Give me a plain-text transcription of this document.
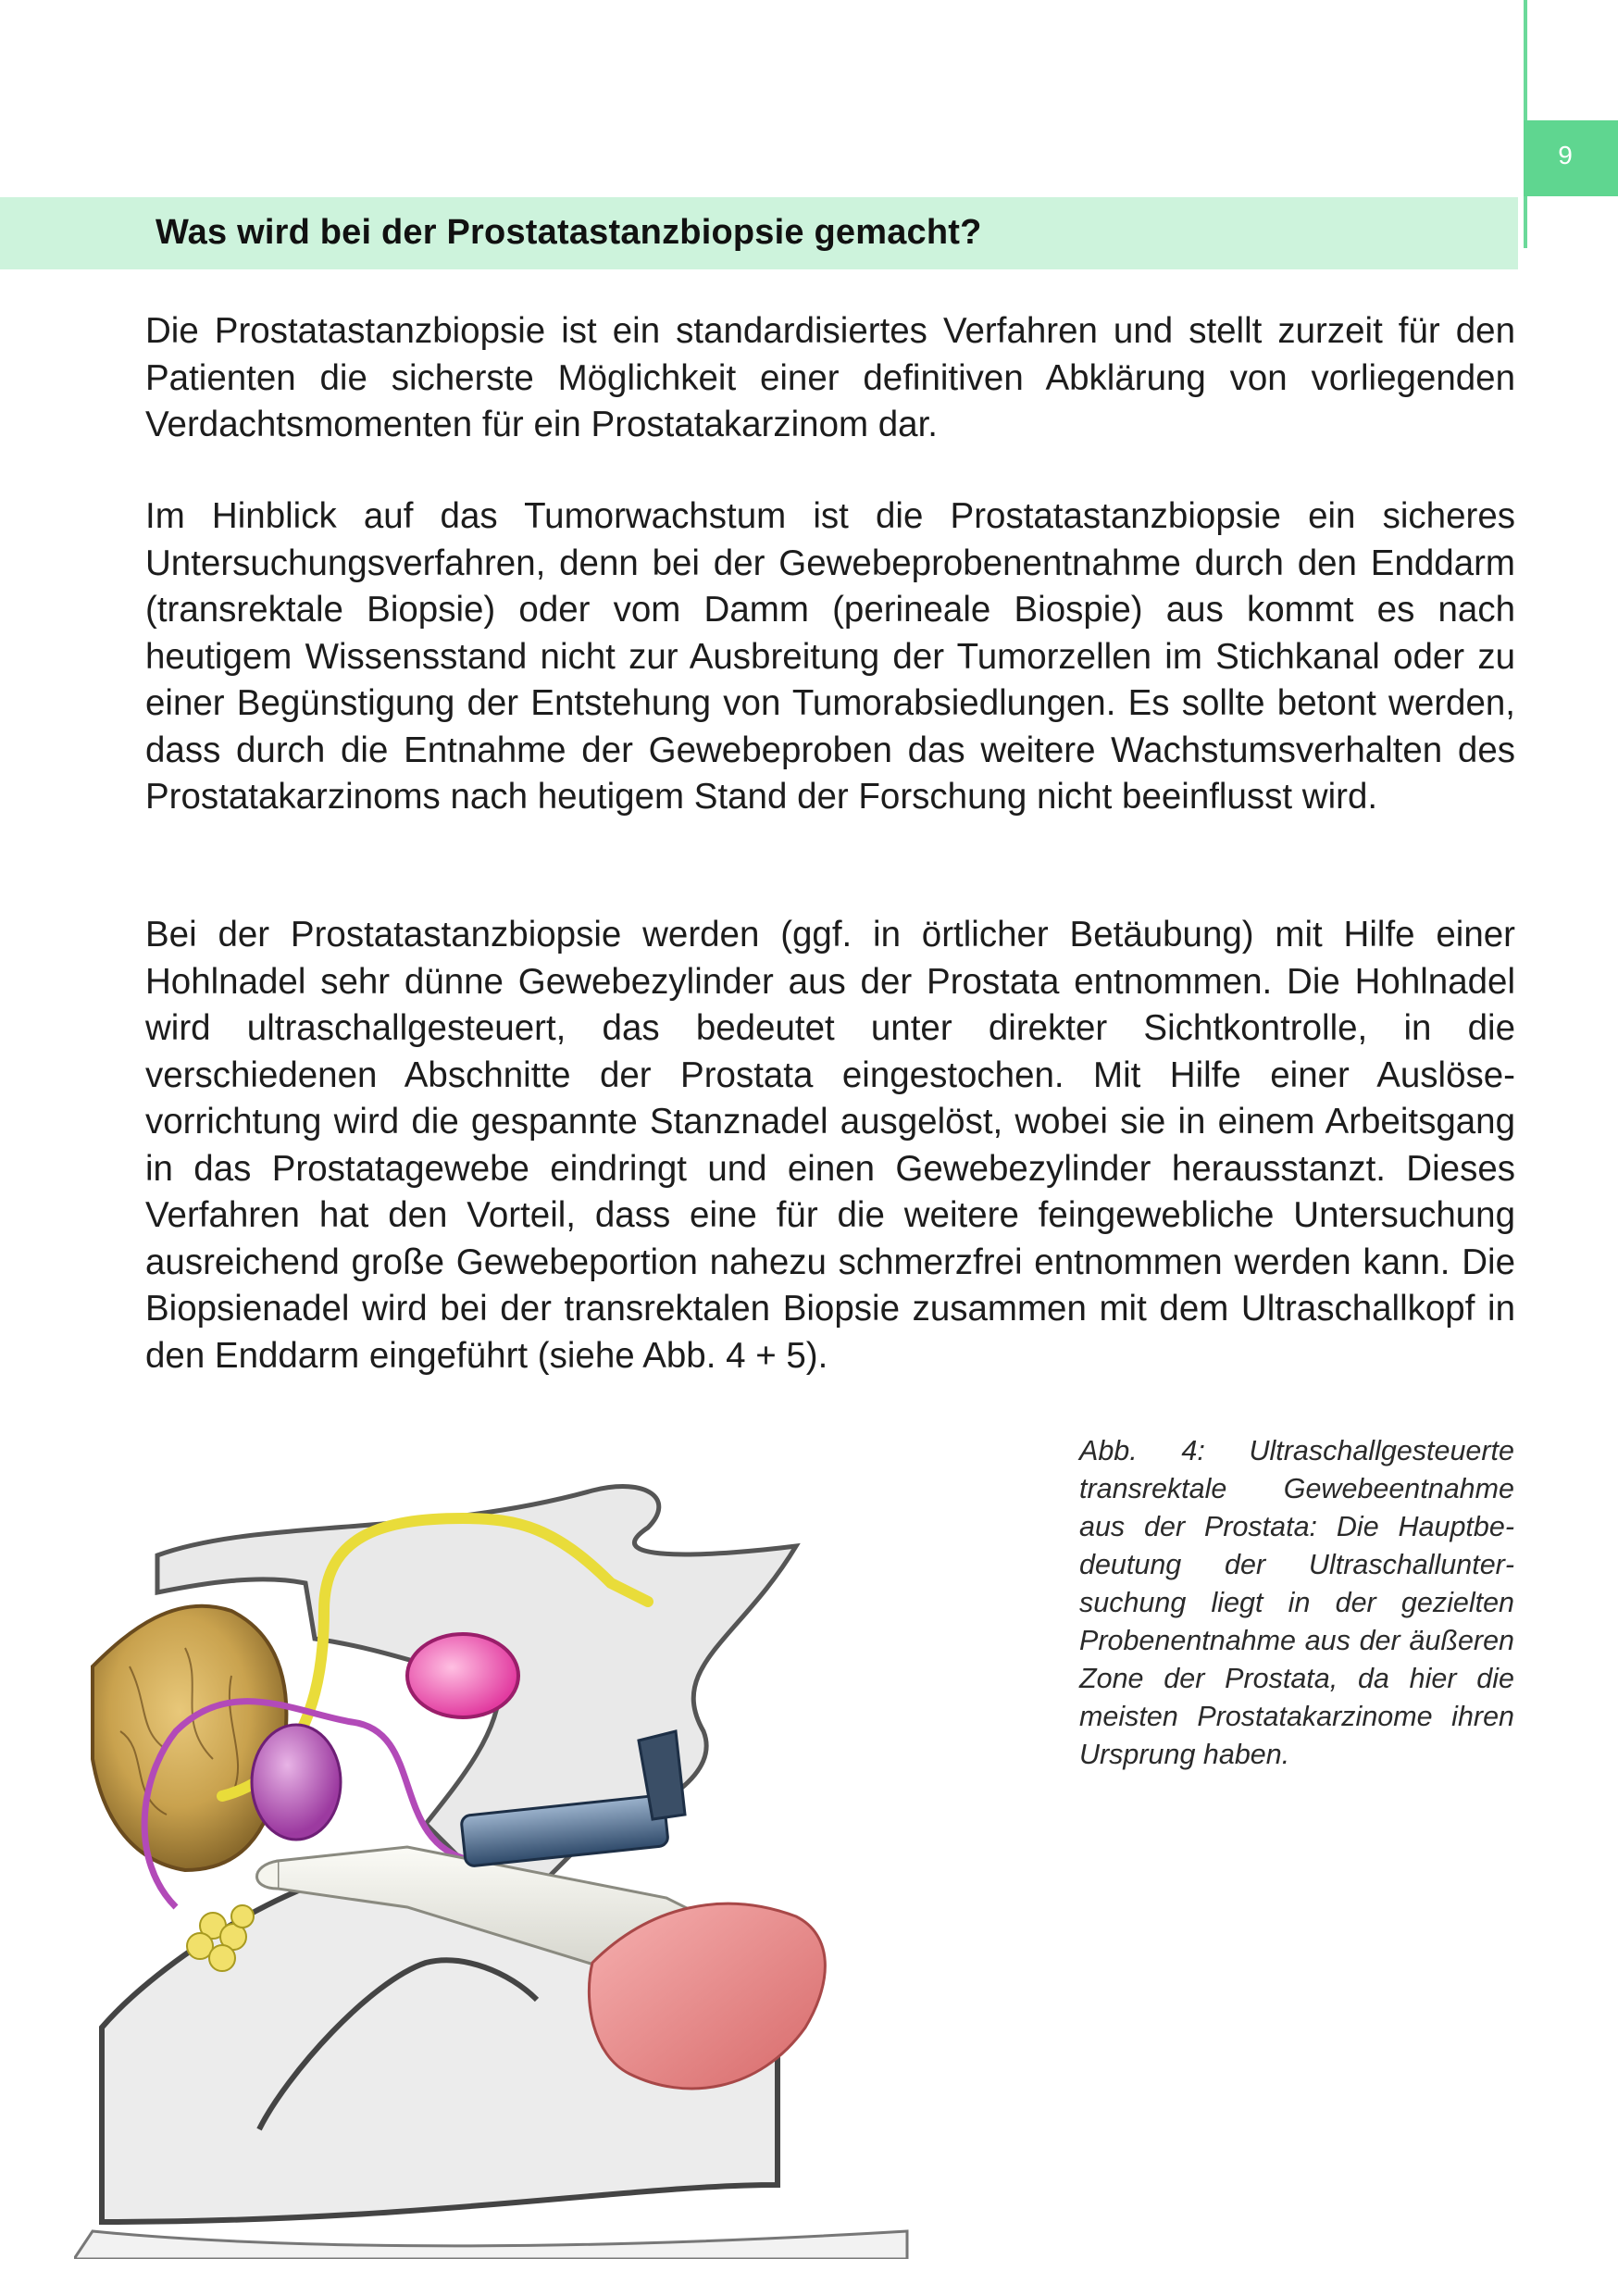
9
Was wird bei der Prostatastanzbiopsie gemacht?

Die Prostatastanzbiopsie ist ein standardisiertes Verfahren und stellt zurzeit für den Patienten die sicherste Möglichkeit einer definitiven Abklärung von vorliegenden Verdachtsmomenten für ein Prostatakarzinom dar.

Im Hinblick auf das Tumorwachstum ist die Prostatastanzbiopsie ein sicheres Untersuchungsverfahren, denn bei der Gewebeprobenentnahme durch den Enddarm (transrektale Biopsie) oder vom Damm (perineale Biospie) aus kommt es nach heutigem Wissensstand nicht zur Ausbreitung der Tumorzellen im Stichkanal oder zu einer Begünstigung der Entstehung von Tumorabsiedlungen. Es sollte betont werden, dass durch die Entnahme der Gewebeproben das weitere Wachstumsverhalten des Prostatakarzinoms nach heutigem Stand der Forschung nicht beeinflusst wird.

Bei der Prostatastanzbiopsie werden (ggf. in örtlicher Betäubung) mit Hilfe einer Hohlnadel sehr dünne Gewebezylinder aus der Prostata entnommen. Die Hohlnadel wird ultraschallgesteuert, das bedeutet unter direkter Sichtkontrolle, in die verschiedenen Abschnitte der Prostata eingestochen. Mit Hilfe einer Auslösevorrichtung wird die gespannte Stanznadel ausgelöst, wobei sie in einem Arbeitsgang in das Prostatagewebe eindringt und einen Gewebezylinder herausstanzt. Dieses Verfahren hat den Vorteil, dass eine für die weitere feingewebliche Untersuchung ausreichend große Gewebeportion nahezu schmerzfrei entnommen werden kann. Die Biopsienadel wird bei der transrektalen Biopsie zusammen mit dem Ultraschallkopf in den Enddarm eingeführt (siehe Abb. 4 + 5).

Abb. 4: Ultraschallgesteuerte transrektale Gewebeentnahme aus der Prostata: Die Hauptbedeutung der Ultraschalluntersuchung liegt in der gezielten Probenentnahme aus der äußeren Zone der Prostata, da hier die meisten Prostatakarzinome ihren Ursprung haben.
